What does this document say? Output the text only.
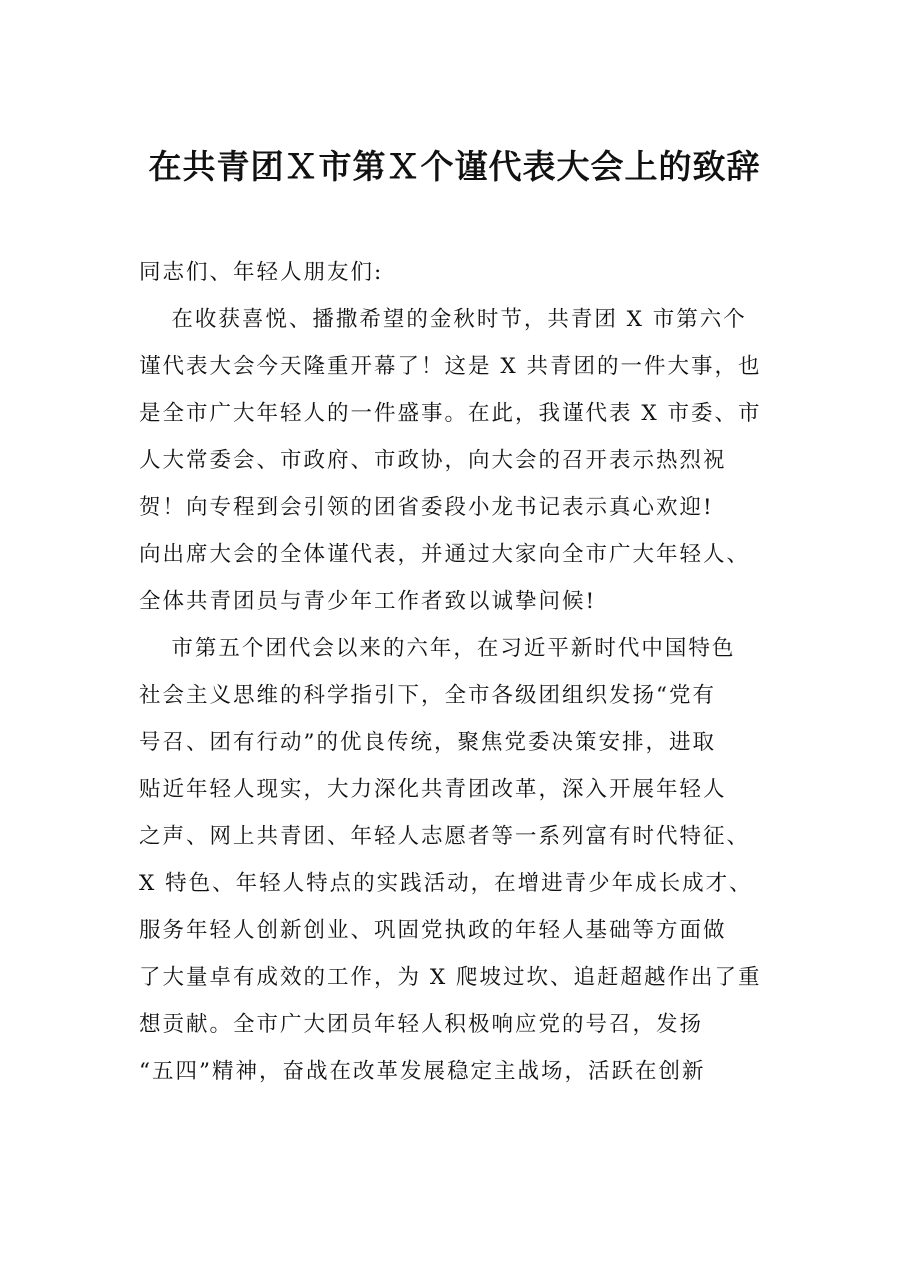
在共青团Ｘ市第Ｘ个谨代表大会上的致辞
同志们、年轻人朋友们:
　 在收获喜悦、播撒希望的金秋时节，共青团 X 市第六个
谨代表大会今天隆重开幕了！这是 X 共青团的一件大事，也
是全市广大年轻人的一件盛事。在此，我谨代表 X 市委、市
人大常委会、市政府、市政协，向大会的召开表示热烈祝
贺！向专程到会引领的团省委段小龙书记表示真心欢迎!
向出席大会的全体谨代表，并通过大家向全市广大年轻人、
全体共青团员与青少年工作者致以诚挚问候!
　 市第五个团代会以来的六年，在习近平新时代中国特色
社会主义思维的科学指引下，全市各级团组织发扬“党有
号召、团有行动”的优良传统，聚焦党委决策安排，进取
贴近年轻人现实，大力深化共青团改革，深入开展年轻人
之声、网上共青团、年轻人志愿者等一系列富有时代特征、
X 特色、年轻人特点的实践活动，在增进青少年成长成才、
服务年轻人创新创业、巩固党执政的年轻人基础等方面做
了大量卓有成效的工作，为 X 爬坡过坎、追赶超越作出了重
想贡献。全市广大团员年轻人积极响应党的号召，发扬
“五四”精神，奋战在改革发展稳定主战场，活跃在创新
